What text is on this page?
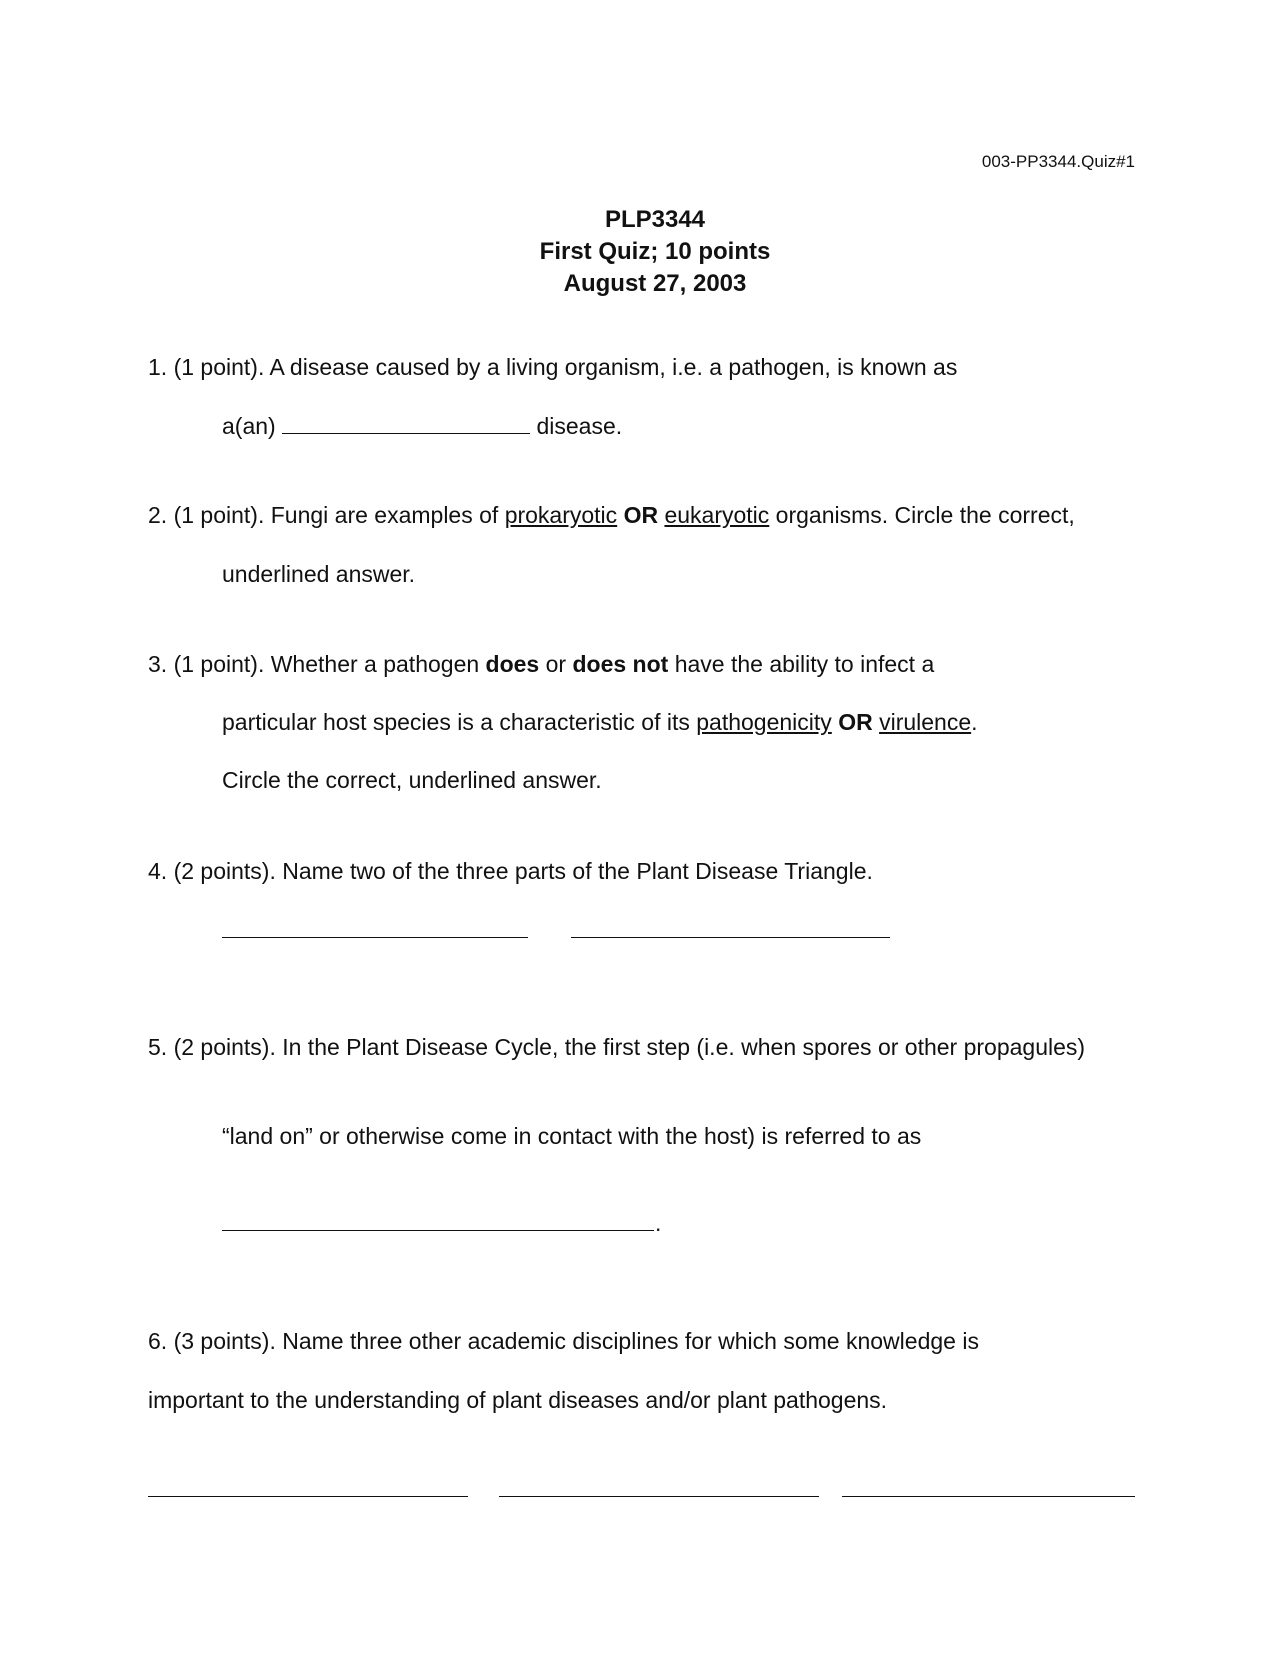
003-PP3344.Quiz#1
PLP3344
First Quiz; 10 points
August 27, 2003
1. (1 point). A disease caused by a living organism, i.e. a pathogen, is known as
a(an)	disease.
2. (1 point). Fungi are examples of prokaryotic OR eukaryotic organisms. Circle the correct,
underlined answer.
3. (1 point). Whether a pathogen does or does not have the ability to infect a
particular host species is a characteristic of its pathogenicity OR virulence.
Circle the correct, underlined answer.
4. (2 points). Name two of the three parts of the Plant Disease Triangle.
5. (2 points). In the Plant Disease Cycle, the first step (i.e. when spores or other propagules)
“land on” or otherwise come in contact with the host) is referred to as
.
6. (3 points). Name three other academic disciplines for which some knowledge is
important to the understanding of plant diseases and/or plant pathogens.
